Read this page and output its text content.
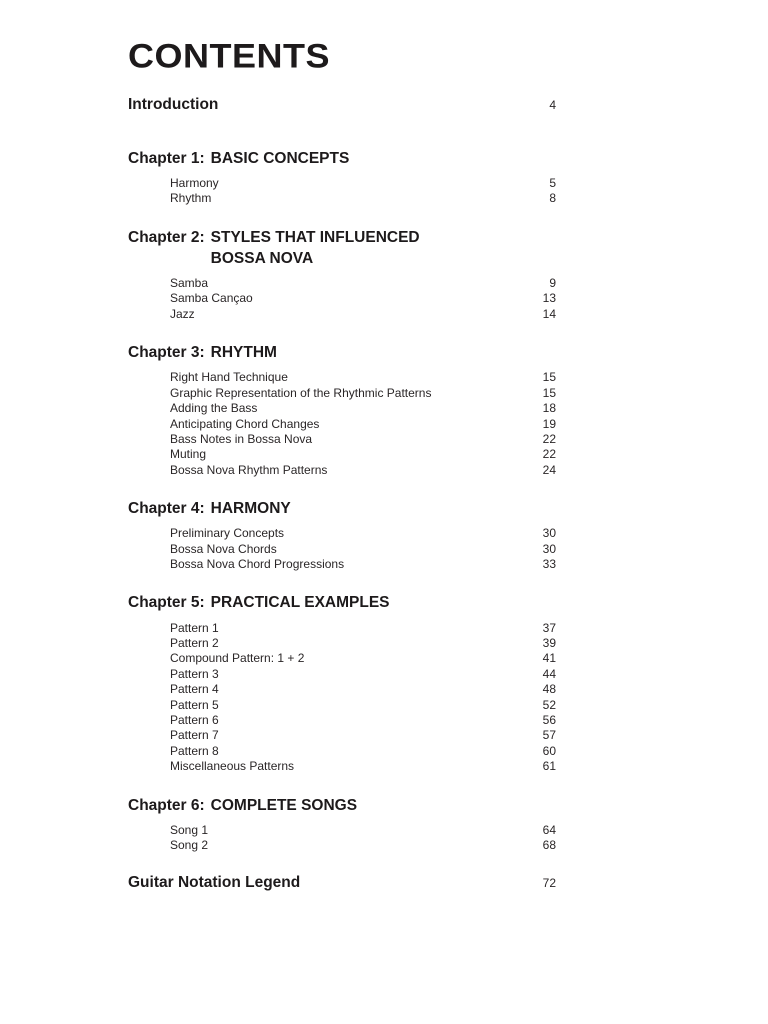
CONTENTS
Introduction	4
Chapter 1: BASIC CONCEPTS
Harmony	5
Rhythm	8
Chapter 2: STYLES THAT INFLUENCED
BOSSA NOVA
Samba	9
Samba Cançao	13
Jazz	14
Chapter 3: RHYTHM
Right Hand Technique	15
Graphic Representation of the Rhythmic Patterns	15
Adding the Bass	18
Anticipating Chord Changes	19
Bass Notes in Bossa Nova	22
Muting	22
Bossa Nova Rhythm Patterns	24
Chapter 4: HARMONY
Preliminary Concepts	30
Bossa Nova Chords	30
Bossa Nova Chord Progressions	33
Chapter 5: PRACTICAL EXAMPLES
Pattern 1	37
Pattern 2	39
Compound Pattern: 1 + 2	41
Pattern 3	44
Pattern 4	48
Pattern 5	52
Pattern 6	56
Pattern 7	57
Pattern 8	60
Miscellaneous Patterns	61
Chapter 6: COMPLETE SONGS
Song 1	64
Song 2	68
Guitar Notation Legend	72
